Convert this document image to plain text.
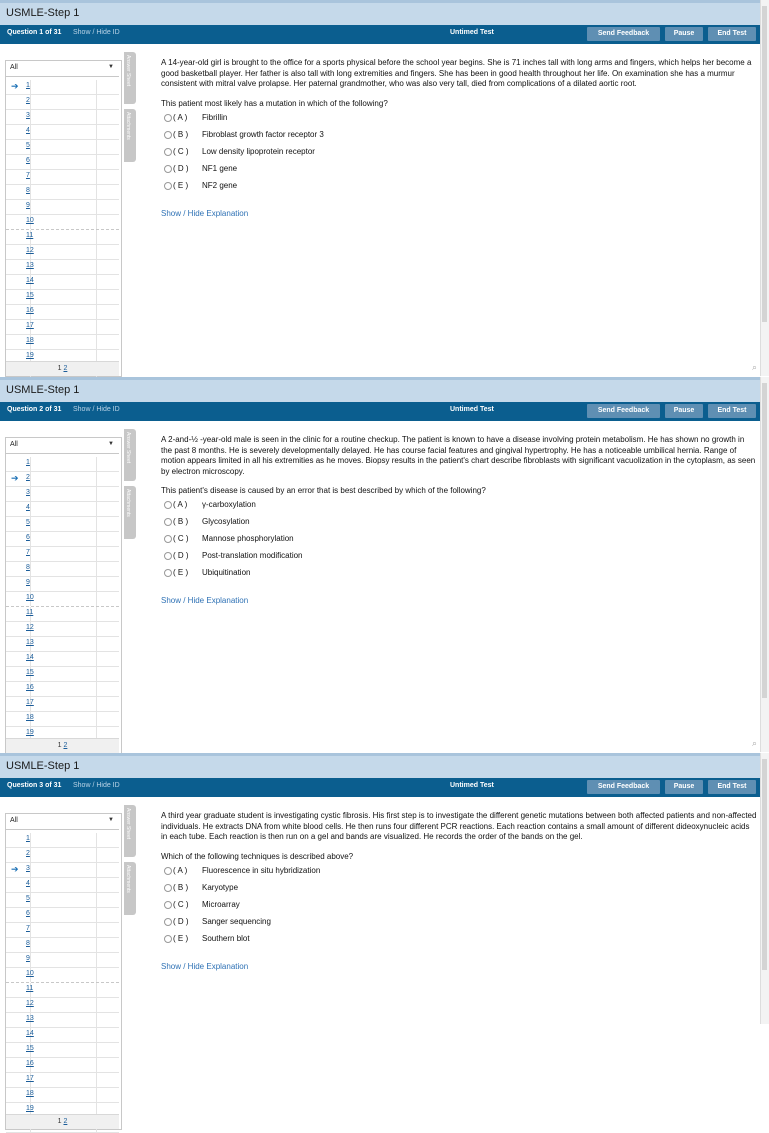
USMLE-Step 1
Question 1 of 31 Show / Hide ID	Untimed Test	Send Feedback	Pause	End Test
All	▼
➔ 1
2
3
4
5
6
7
8
9
10
11
12
13
14
15
16
17
18
19
1 2
Answer Sheet
Attachments
A 14-year-old girl is brought to the office for a sports physical before the school year begins. She is 71 inches tall with long arms and fingers, which helps her become a good basketball player. Her father is also tall with long extremities and fingers. She has been in good health throughout her life. On examination she has a murmur consistent with mitral valve prolapse. Her paternal grandmother, who was also very tall, died from complications of a dilated aortic root.
This patient most likely has a mutation in which of the following?
( A ) Fibrillin
( B ) Fibroblast growth factor receptor 3
( C ) Low density lipoprotein receptor
( D ) NF1 gene
( E ) NF2 gene
Show / Hide Explanation
⌕
USMLE-Step 1
Question 2 of 31 Show / Hide ID	Untimed Test	Send Feedback	Pause	End Test
All	▼
1
➔ 2
3
4
5
6
7
8
9
10
11
12
13
14
15
16
17
18
19
1 2
Answer Sheet
Attachments
A 2-and-½ -year-old male is seen in the clinic for a routine checkup. The patient is known to have a disease involving protein metabolism. He has shown no growth in the past 8 months. He is severely developmentally delayed. He has course facial features and gingival hypertrophy. He has a noticeable umbilical hernia. Range of motion appears limited in all his extremities as he moves. Biopsy results in the patient's chart describe fibroblasts with significant vacuolization in the cytoplasm, as seen by electron microscopy.
This patient's disease is caused by an error that is best described by which of the following?
( A ) γ-carboxylation
( B ) Glycosylation
( C ) Mannose phosphorylation
( D ) Post-translation modification
( E ) Ubiquitination
Show / Hide Explanation
⌕
USMLE-Step 1
Question 3 of 31 Show / Hide ID	Untimed Test	Send Feedback	Pause	End Test
All	▼
1
2
➔ 3
4
5
6
7
8
9
10
11
12
13
14
15
16
17
18
19
1 2
Answer Sheet
Attachments
A third year graduate student is investigating cystic fibrosis. His first step is to investigate the different genetic mutations between both affected patients and non-affected individuals. He extracts DNA from white blood cells. He then runs four different PCR reactions. Each reaction contains a small amount of different dideoxynucleic acids in each tube. Each reaction is then run on a gel and bands are visualized. He records the order of the bands on the gel.
Which of the following techniques is described above?
( A ) Fluorescence in situ hybridization
( B ) Karyotype
( C ) Microarray
( D ) Sanger sequencing
( E ) Southern blot
Show / Hide Explanation
